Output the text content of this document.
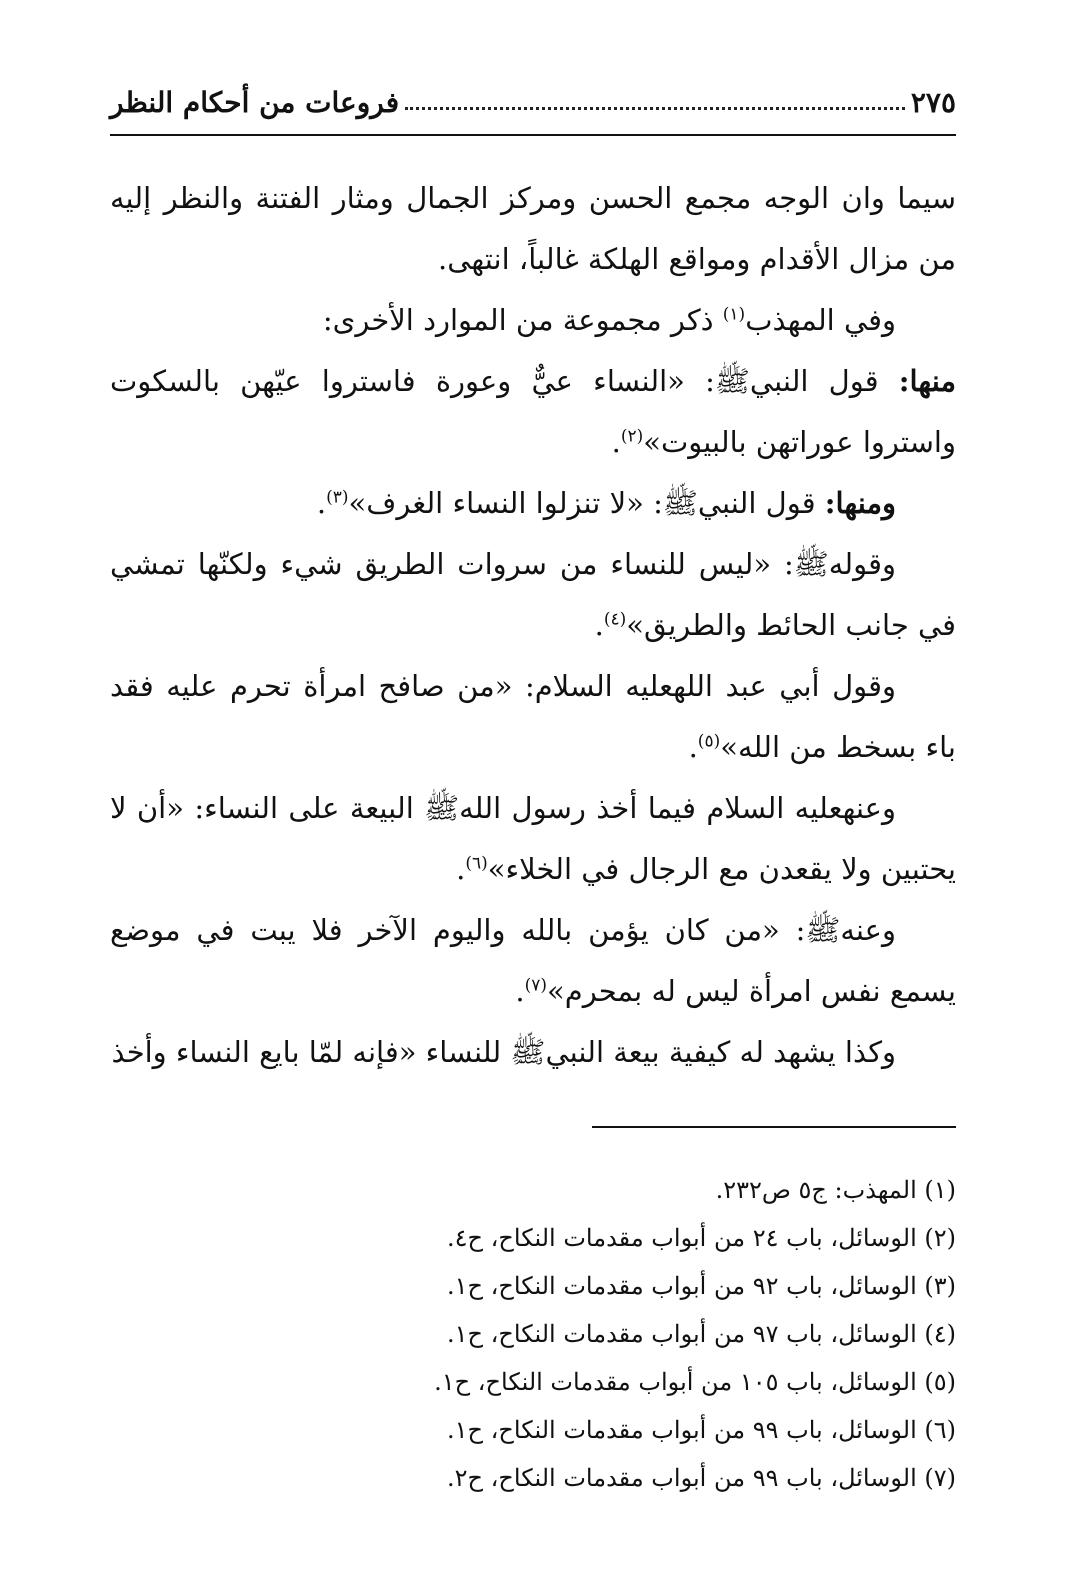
٢٧٥
فروعات من أحكام النظر

سيما وان الوجه مجمع الحسن ومركز الجمال ومثار الفتنة والنظر إليه من مزال الأقدام ومواقع الهلكة غالباً، انتهى.

وفي المهذب$^{(١)}$ ذكر مجموعة من الموارد الأخرى:

منها: قول النبيﷺ: «النساء عيٌّ وعورة فاستروا عيّهن بالسكوت واستروا عوراتهن بالبيوت»$^{(٢)}$.

ومنها: قول النبيﷺ: «لا تنزلوا النساء الغرف»$^{(٣)}$.

وقولهﷺ: «ليس للنساء من سروات الطريق شيء ولكنّها تمشي في جانب الحائط والطريق»$^{(٤)}$.

وقول أبي عبد اللهعليه السلام: «من صافح امرأة تحرم عليه فقد باء بسخط من الله»$^{(٥)}$.

وعنهعليه السلام فيما أخذ رسول اللهﷺ البيعة على النساء: «أن لا يحتبين ولا يقعدن مع الرجال في الخلاء»$^{(٦)}$.

وعنهﷺ: «من كان يؤمن بالله واليوم الآخر فلا يبت في موضع يسمع نفس امرأة ليس له بمحرم»$^{(٧)}$.

وكذا يشهد له كيفية بيعة النبيﷺ للنساء «فإنه لمّا بايع النساء وأخذ

(١) المهذب: ج٥ ص٢٣٢.

(٢) الوسائل، باب ٢٤ من أبواب مقدمات النكاح، ح٤.

(٣) الوسائل، باب ٩٢ من أبواب مقدمات النكاح، ح١.

(٤) الوسائل، باب ٩٧ من أبواب مقدمات النكاح، ح١.

(٥) الوسائل، باب ١٠٥ من أبواب مقدمات النكاح، ح١.

(٦) الوسائل، باب ٩٩ من أبواب مقدمات النكاح، ح١.

(٧) الوسائل، باب ٩٩ من أبواب مقدمات النكاح، ح٢.
